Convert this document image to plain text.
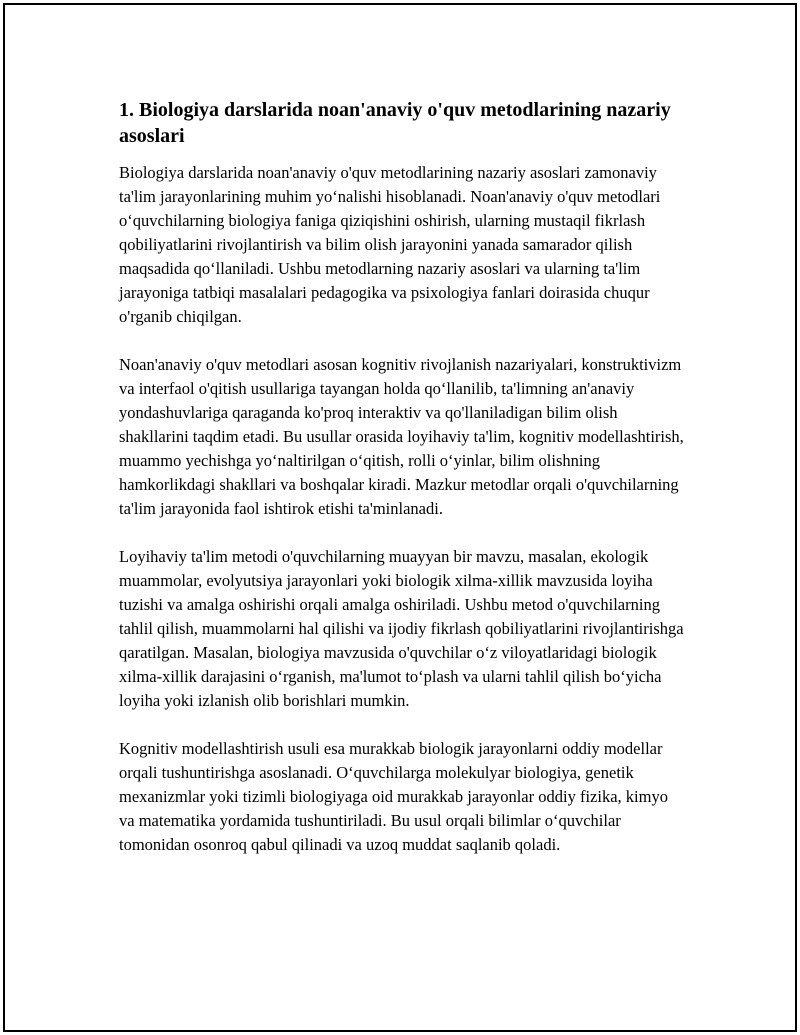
1. Biologiya darslarida noan'anaviy o'quv metodlarining nazariy asoslari

Biologiya darslarida noan'anaviy o'quv metodlarining nazariy asoslari zamonaviy ta'lim jarayonlarining muhim yo‘nalishi hisoblanadi. Noan'anaviy o'quv metodlari o‘quvchilarning biologiya faniga qiziqishini oshirish, ularning mustaqil fikrlash qobiliyatlarini rivojlantirish va bilim olish jarayonini yanada samarador qilish maqsadida qo‘llaniladi. Ushbu metodlarning nazariy asoslari va ularning ta'lim jarayoniga tatbiqi masalalari pedagogika va psixologiya fanlari doirasida chuqur o'rganib chiqilgan.

Noan'anaviy o'quv metodlari asosan kognitiv rivojlanish nazariyalari, konstruktivizm va interfaol o'qitish usullariga tayangan holda qo‘llanilib, ta'limning an'anaviy yondashuvlariga qaraganda ko'proq interaktiv va qo'llaniladigan bilim olish shakllarini taqdim etadi. Bu usullar orasida loyihaviy ta'lim, kognitiv modellashtirish, muammo yechishga yo‘naltirilgan o‘qitish, rolli o‘yinlar, bilim olishning hamkorlikdagi shakllari va boshqalar kiradi. Mazkur metodlar orqali o'quvchilarning ta'lim jarayonida faol ishtirok etishi ta'minlanadi.

Loyihaviy ta'lim metodi o'quvchilarning muayyan bir mavzu, masalan, ekologik muammolar, evolyutsiya jarayonlari yoki biologik xilma-xillik mavzusida loyiha tuzishi va amalga oshirishi orqali amalga oshiriladi. Ushbu metod o'quvchilarning tahlil qilish, muammolarni hal qilishi va ijodiy fikrlash qobiliyatlarini rivojlantirishga qaratilgan. Masalan, biologiya mavzusida o'quvchilar o‘z viloyatlaridagi biologik xilma-xillik darajasini o‘rganish, ma'lumot to‘plash va ularni tahlil qilish bo‘yicha loyiha yoki izlanish olib borishlari mumkin.

Kognitiv modellashtirish usuli esa murakkab biologik jarayonlarni oddiy modellar orqali tushuntirishga asoslanadi. O‘quvchilarga molekulyar biologiya, genetik mexanizmlar yoki tizimli biologiyaga oid murakkab jarayonlar oddiy fizika, kimyo va matematika yordamida tushuntiriladi. Bu usul orqali bilimlar o‘quvchilar tomonidan osonroq qabul qilinadi va uzoq muddat saqlanib qoladi.
